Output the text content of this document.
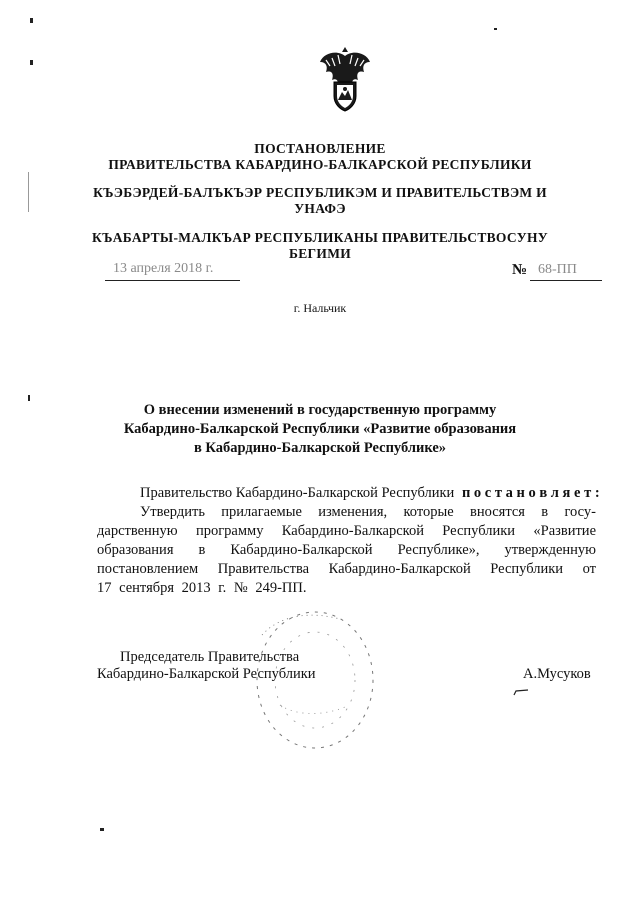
ПОСТАНОВЛЕНИЕ
ПРАВИТЕЛЬСТВА КАБАРДИНО-БАЛКАРСКОЙ РЕСПУБЛИКИ
КЪЭБЭРДЕЙ-БАЛЪКЪЭР РЕСПУБЛИКЭМ И ПРАВИТЕЛЬСТВЭМ И
УНАФЭ
КЪАБАРТЫ-МАЛКЪАР РЕСПУБЛИКАНЫ ПРАВИТЕЛЬСТВОСУНУ
БЕГИМИ
13 апреля 2018 г.	№ 68-ПП
г. Нальчик
О внесении изменений в государственную программу
Кабардино-Балкарской Республики «Развитие образования
в Кабардино-Балкарской Республике»
Правительство Кабардино-Балкарской Республики п о с т а н о в л я е т :
Утвердить прилагаемые изменения, которые вносятся в госу-
дарственную программу Кабардино-Балкарской Республики «Развитие
образования в Кабардино-Балкарской Республике», утвержденную
постановлением Правительства Кабардино-Балкарской Республики от
17 сентября 2013 г. № 249-ПП.
Председатель Правительства
Кабардино-Балкарской Республики	А.Мусуков
